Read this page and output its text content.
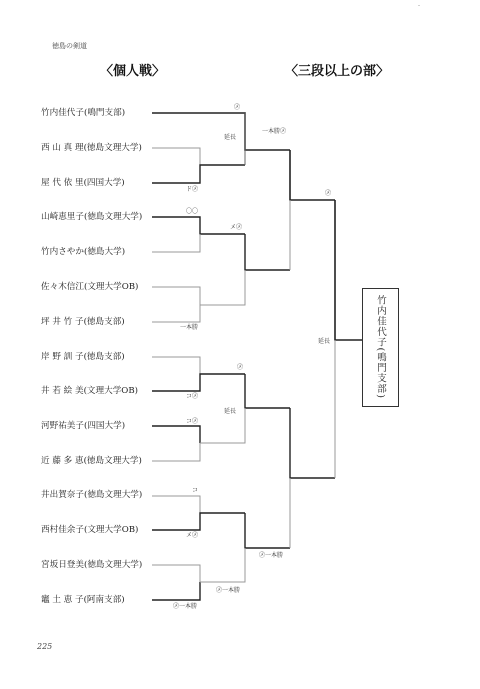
-
徳島の剣道
〈個人戦〉	〈三段以上の部〉
竹内佳代子(鳴門支部)
西 山 真 理(徳島文理大学)
屋 代 依 里(四国大学)
山崎恵里子(徳島文理大学)
竹内さやか(徳島大学)
佐々木信江(文理大学OB)
坪 井 竹 子(徳島支部)
岸 野 訓 子(徳島支部)
井 若 絵 美(文理大学OB)
河野祐美子(四国大学)
近 藤 多 恵(徳島文理大学)
井出賀奈子(徳島文理大学)
西村佳余子(文理大学OB)
宮坂日登美(徳島文理大学)
竈 土 恵 子(阿南支部)
㋱
延長
一本勝㋱
ド㋱
〇〇
メ㋱
㋱
一本勝
延長
㋱
コ㋱
延長
コ㋱
コ
メ㋱
㋱一本勝
㋱一本勝
㋱一本勝
竹内佳代子(鳴門支部)
225
